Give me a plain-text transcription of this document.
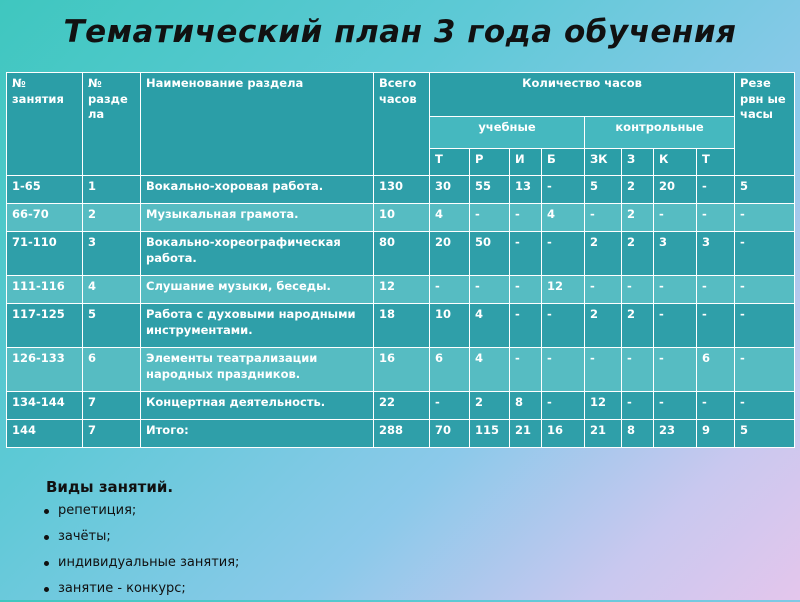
Тематический план 3 года обучения
№ занятия	№ разде ла	Наименование раздела	Всего часов	Количество часов								Резе рвн ые часы
				учебные				контрольные				
				Т	Р	И	Б	ЗК	З	К	Т	
1-65	1	Вокально-хоровая работа.	130	30	55	13	-	5	2	20	-	5
66-70	2	Музыкальная грамота.	10	4	-	-	4	-	2	-	-	-
71-110	3	Вокально-хореографическая работа.	80	20	50	-	-	2	2	3	3	-
111-116	4	Слушание музыки, беседы.	12	-	-	-	12	-	-	-	-	-
117-125	5	Работа с духовыми народными инструментами.	18	10	4	-	-	2	2	-	-	-
126-133	6	Элементы театрализации народных праздников.	16	6	4	-	-	-	-	-	6	-
134-144	7	Концертная деятельность.	22	-	2	8	-	12	-	-	-	-
144	7	Итого:	288	70	115	21	16	21	8	23	9	5
Виды занятий.
репетиция;
зачёты;
индивидуальные занятия;
занятие - конкурс;
